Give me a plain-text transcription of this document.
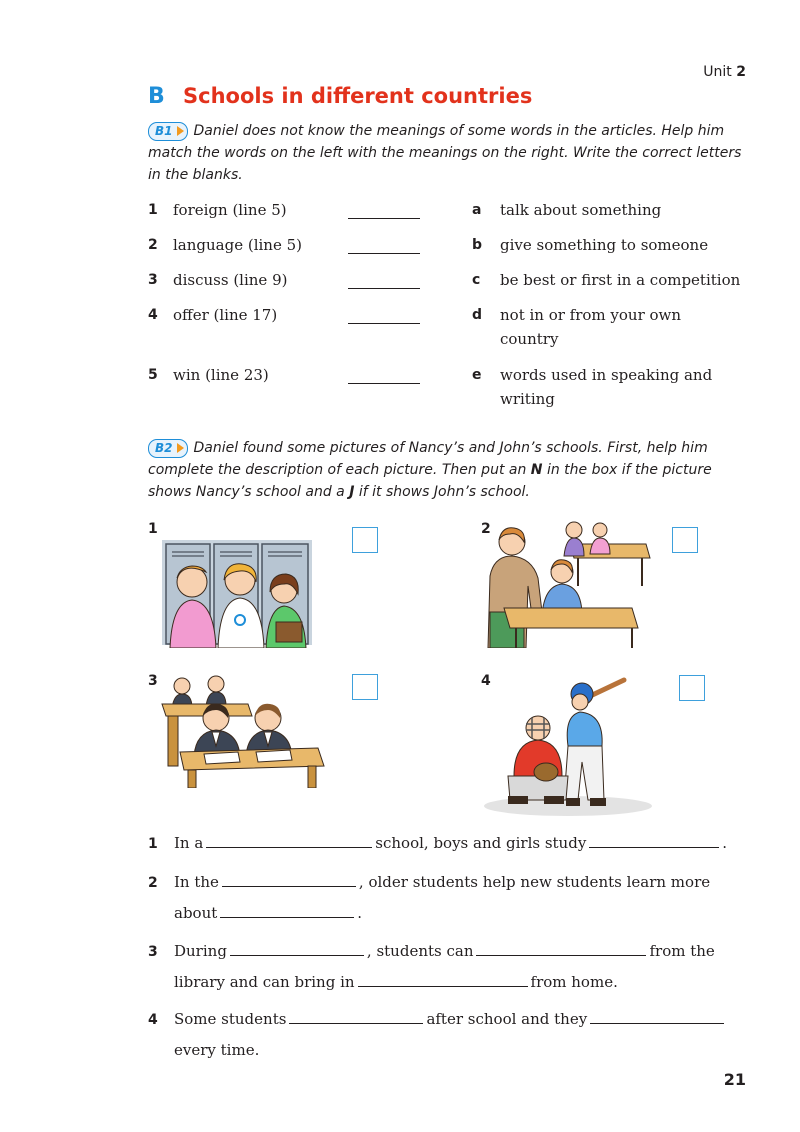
Unit 2
B Schools in different countries
B1 Daniel does not know the meanings of some words in the articles. Help him match the words on the left with the meanings on the right. Write the correct letters in the blanks.
1 foreign (line 5)
2 language (line 5)
3 discuss (line 9)
4 offer (line 17)
5 win (line 23)
a talk about something
b give something to someone
c be best or first in a competition
d not in or from your own country
e words used in speaking and writing
B2 Daniel found some pictures of Nancy’s and John’s schools. First, help him complete the description of each picture. Then put an N in the box if the picture shows Nancy’s school and a J if it shows John’s school.
1	2
3	4
1 In a	school, boys and girls study	.
2 In the	, older students help new students learn more
about	.
3 During	, students can	from the
library and can bring in	from home.
4 Some students	after school and they
every time.
21
